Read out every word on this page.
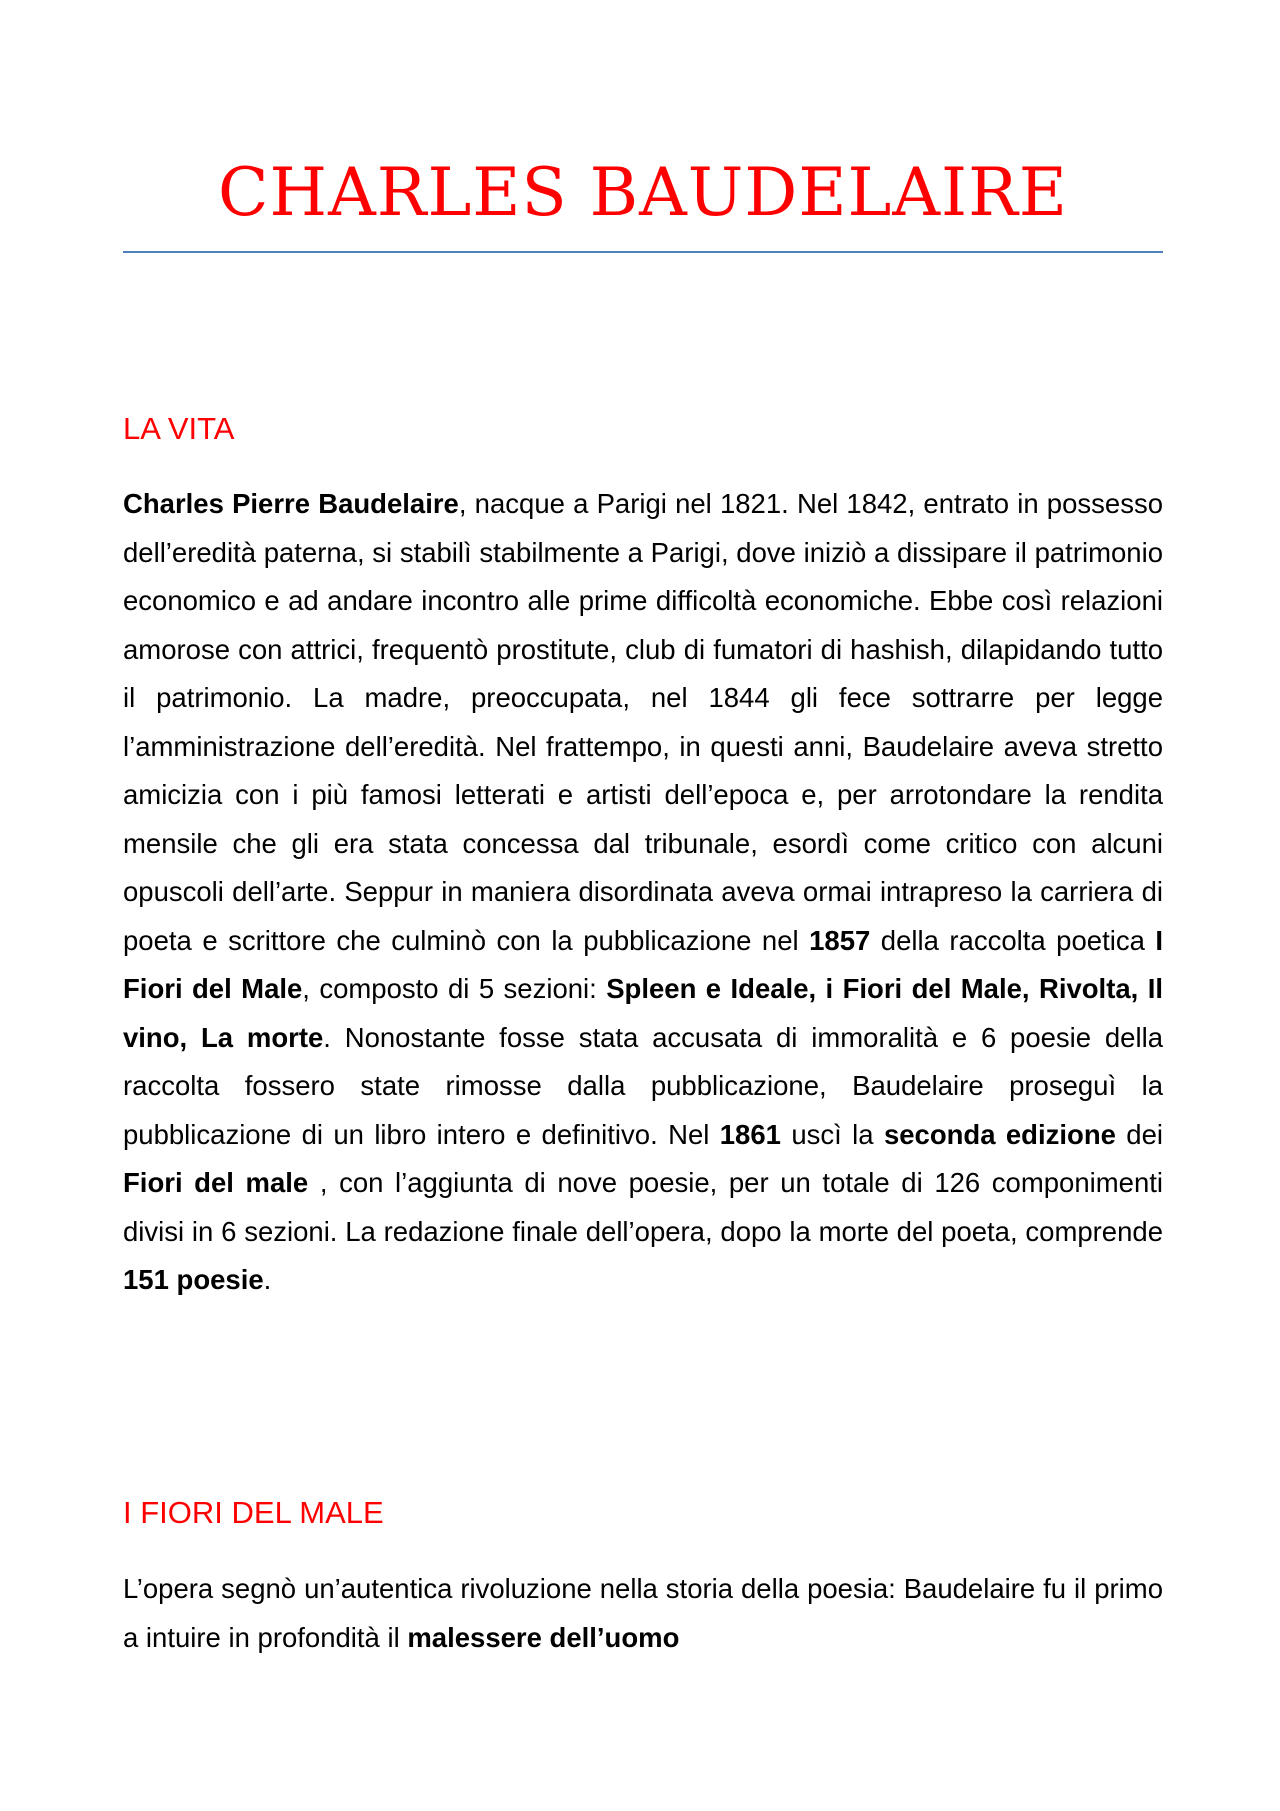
CHARLES BAUDELAIRE
LA VITA

Charles Pierre Baudelaire, nacque a Parigi nel 1821. Nel 1842, entrato in possesso dell’eredità paterna, si stabilì stabilmente a Parigi, dove iniziò a dissipare il patrimonio economico e ad andare incontro alle prime difficoltà economiche. Ebbe così relazioni amorose con attrici, frequentò prostitute, club di fumatori di hashish, dilapidando tutto il patrimonio. La madre, preoccupata, nel 1844 gli fece sottrarre per legge l’amministrazione dell’eredità. Nel frattempo, in questi anni, Baudelaire aveva stretto amicizia con i più famosi letterati e artisti dell’epoca e, per arrotondare la rendita mensile che gli era stata concessa dal tribunale, esordì come critico con alcuni opuscoli dell’arte. Seppur in maniera disordinata aveva ormai intrapreso la carriera di poeta e scrittore che culminò con la pubblicazione nel 1857 della raccolta poetica I Fiori del Male, composto di 5 sezioni: Spleen e Ideale, i Fiori del Male, Rivolta, Il vino, La morte. Nonostante fosse stata accusata di immoralità e 6 poesie della raccolta fossero state rimosse dalla pubblicazione, Baudelaire proseguì la pubblicazione di un libro intero e definitivo. Nel 1861 uscì la seconda edizione dei Fiori del male , con l’aggiunta di nove poesie, per un totale di 126 componimenti divisi in 6 sezioni. La redazione finale dell’opera, dopo la morte del poeta, comprende 151 poesie.

I FIORI DEL MALE

L’opera segnò un’autentica rivoluzione nella storia della poesia: Baudelaire fu il primo a intuire in profondità il malessere dell’uomo
